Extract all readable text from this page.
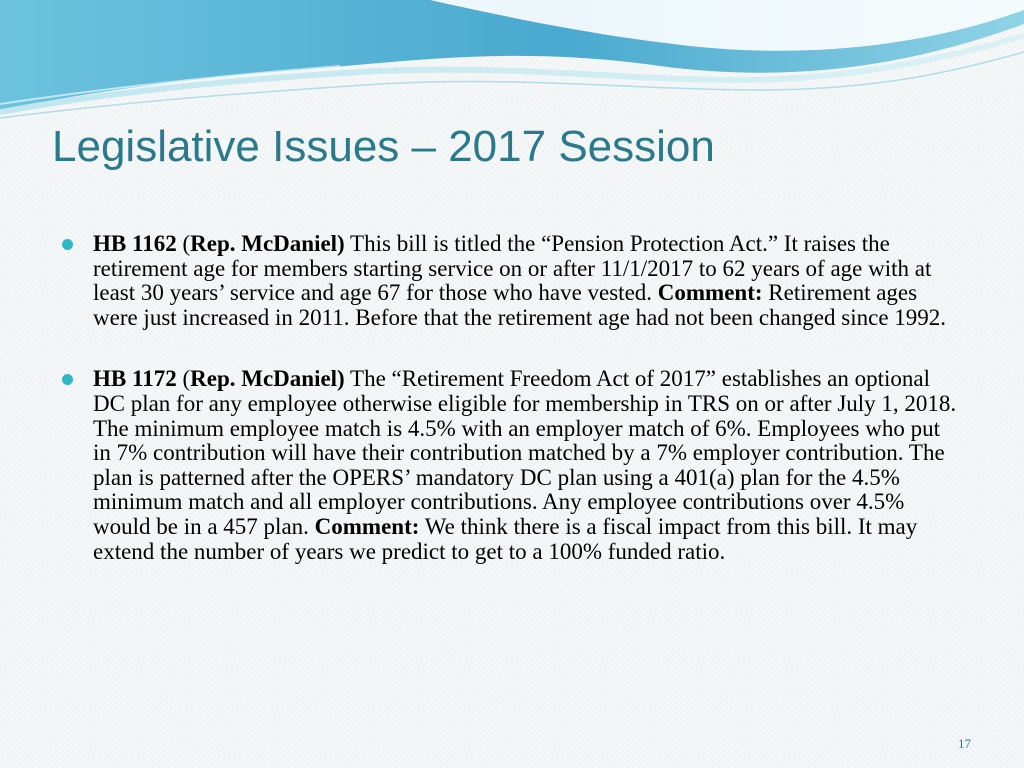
Legislative Issues – 2017 Session
HB 1162 (Rep. McDaniel) This bill is titled the “Pension Protection Act.” It raises the retirement age for members starting service on or after 11/1/2017 to 62 years of age with at least 30 years’ service and age 67 for those who have vested. Comment: Retirement ages were just increased in 2011. Before that the retirement age had not been changed since 1992.
HB 1172 (Rep. McDaniel) The “Retirement Freedom Act of 2017” establishes an optional DC plan for any employee otherwise eligible for membership in TRS on or after July 1, 2018. The minimum employee match is 4.5% with an employer match of 6%. Employees who put in 7% contribution will have their contribution matched by a 7% employer contribution. The plan is patterned after the OPERS’ mandatory DC plan using a 401(a) plan for the 4.5% minimum match and all employer contributions. Any employee contributions over 4.5% would be in a 457 plan. Comment: We think there is a fiscal impact from this bill. It may extend the number of years we predict to get to a 100% funded ratio.
17
